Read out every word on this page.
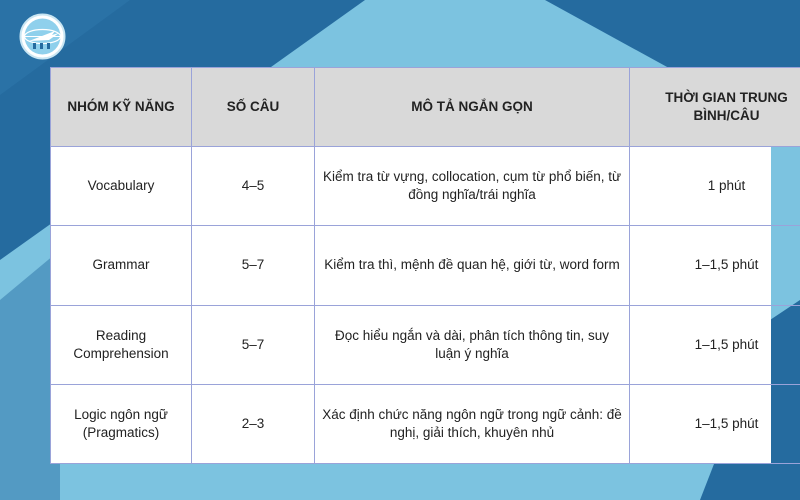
NHÓM KỸ NĂNG	SỐ CÂU	MÔ TẢ NGẮN GỌN	THỜI GIAN TRUNG BÌNH/CÂU
Vocabulary	4–5	Kiểm tra từ vựng, collocation, cụm từ phổ biến, từ đồng nghĩa/trái nghĩa	1 phút
Grammar	5–7	Kiểm tra thì, mệnh đề quan hệ, giới từ, word form	1–1,5 phút
Reading Comprehension	5–7	Đọc hiểu ngắn và dài, phân tích thông tin, suy luận ý nghĩa	1–1,5 phút
Logic ngôn ngữ (Pragmatics)	2–3	Xác định chức năng ngôn ngữ trong ngữ cảnh: đề nghị, giải thích, khuyên nhủ	1–1,5 phút
